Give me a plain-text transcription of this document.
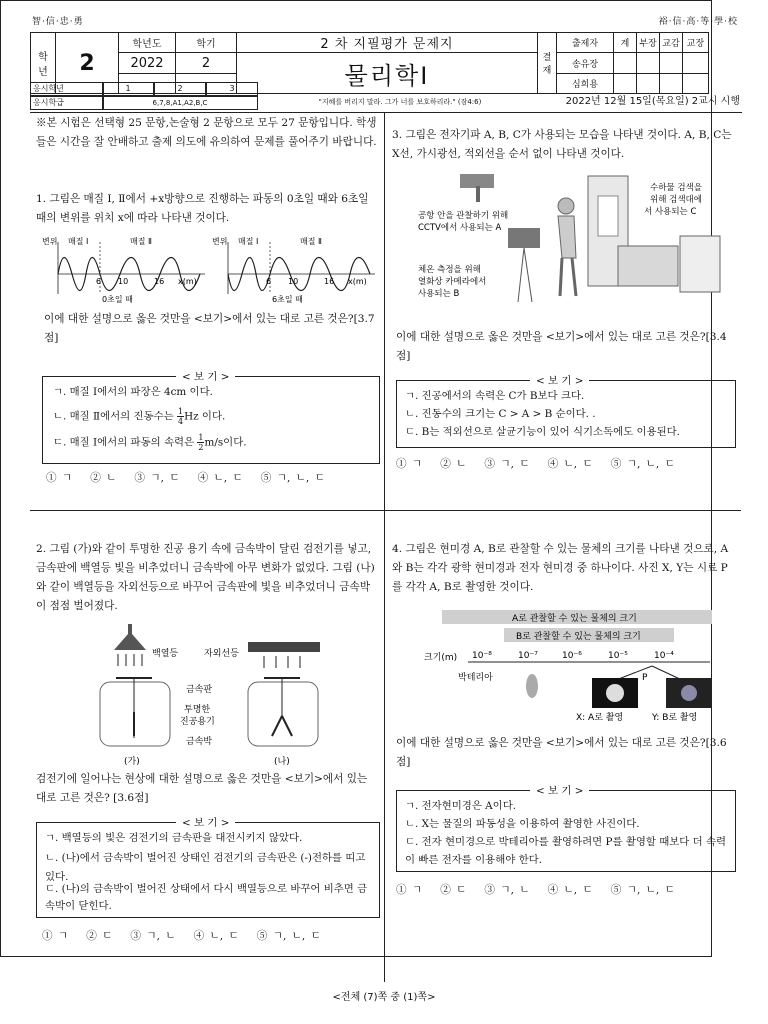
智·信·忠·勇	裕·信·高·等·學·校
학
년	2	학년도	학기	2 차 지필평가 문제지	결
재	출제자	계	부장	교감	교장
		2022	2	물리학Ⅰ		송유장				
						심희용				
응시학년	1	2	3
응시학급	6,7,8,A1,A2,B,C	"지혜를 버리지 말라. 그가 너를 보호하리라." (잠4:6)	2022년 12월 15일(목요일) 2교시 시행
※본 시험은 선택형 25 문항,논술형 2 문항으로 모두 27 문항입니다. 학생들은 시간을 잘 안배하고 출제 의도에 유의하여 문제를 풀어주기 바랍니다.
1. 그림은 매질 Ⅰ, Ⅱ에서 +x방향으로 진행하는 파동의 0초일 때와 6초일 때의 변위를 위치 x에 따라 나타낸 것이다.
변위 매질 Ⅰ	매질 Ⅱ
6 10	16 x(m)
0초일 때
변위 매질 Ⅰ	매질 Ⅱ
6 10	16 x(m)
6초일 때
이에 대한 설명으로 옳은 것만을 <보기>에서 있는 대로 고른 것은?[3.7점]
ㄱ. 매질 Ⅰ에서의 파장은 4cm 이다.
ㄴ. 매질 Ⅱ에서의 진동수는 $\frac{1}{4}Hz$ 이다.
ㄷ. 매질 Ⅰ에서의 파동의 속력은 $\frac{1}{2}m/s$이다.
< 보 기 >
① ㄱ ② ㄴ ③ ㄱ, ㄷ ④ ㄴ, ㄷ ⑤ ㄱ, ㄴ, ㄷ
2. 그림 (가)와 같이 투명한 진공 용기 속에 금속박이 달린 검전기를 넣고, 금속판에 백열등 빛을 비추었더니 금속박에 아무 변화가 없었다. 그림 (나)와 같이 백열등을 자외선등으로 바꾸어 금속판에 빛을 비추었더니 금속박이 점점 벌어졌다.
백열등	자외선등
금속판
투명한
진공용기
금속박
(가)	(나)
검전기에 일어나는 현상에 대한 설명으로 옳은 것만을 <보기>에서 있는 대로 고른 것은? [3.6점]
ㄱ. 백열등의 빛은 검전기의 금속판을 대전시키지 않았다.
ㄴ. (나)에서 금속박이 벌어진 상태인 검전기의 금속판은 (-)전하를 띠고 있다.
ㄷ. (나)의 금속박이 벌어진 상태에서 다시 백열등으로 바꾸어 비추면 금속박이 닫힌다.
< 보 기 >
① ㄱ ② ㄷ ③ ㄱ, ㄴ ④ ㄴ, ㄷ ⑤ ㄱ, ㄴ, ㄷ
3. 그림은 전자기파 A, B, C가 사용되는 모습을 나타낸 것이다. A, B, C는 X선, 가시광선, 적외선을 순서 없이 나타낸 것이다.
공항 안을 관찰하기 위해
CCTV에서 사용되는 A
체온 측정을 위해
열화상 카메라에서
사용되는 B
수하물 검색을
위해 검색대에
서 사용되는 C
이에 대한 설명으로 옳은 것만을 <보기>에서 있는 대로 고른 것은?[3.4점]
ㄱ. 진공에서의 속력은 C가 B보다 크다.
ㄴ. 진동수의 크기는 C > A > B 순이다. .
ㄷ. B는 적외선으로 살균기능이 있어 식기소독에도 이용된다.
< 보 기 >
① ㄱ ② ㄴ ③ ㄱ, ㄷ ④ ㄴ, ㄷ ⑤ ㄱ, ㄴ, ㄷ
4. 그림은 현미경 A, B로 관찰할 수 있는 물체의 크기를 나타낸 것으로, A와 B는 각각 광학 현미경과 전자 현미경 중 하나이다. 사진 X, Y는 시료 P를 각각 A, B로 촬영한 것이다.
A로 관찰할 수 있는 물체의 크기
B로 관찰할 수 있는 물체의 크기
크기(m) 10⁻⁸	10⁻⁷	10⁻⁶	10⁻⁵	10⁻⁴
박테리아	P
X: A로 촬영	Y: B로 촬영
이에 대한 설명으로 옳은 것만을 <보기>에서 있는 대로 고른 것은?[3.6점]
ㄱ. 전자현미경은 A이다.
ㄴ. X는 물질의 파동성을 이용하여 촬영한 사진이다.
ㄷ. 전자 현미경으로 박테리아를 촬영하려면 P를 촬영할 때보다 더 속력이 빠른 전자를 이용해야 한다.
< 보 기 >
① ㄱ ② ㄷ ③ ㄱ, ㄴ ④ ㄴ, ㄷ ⑤ ㄱ, ㄴ, ㄷ
<전체 (7)쪽 중 (1)쪽>
